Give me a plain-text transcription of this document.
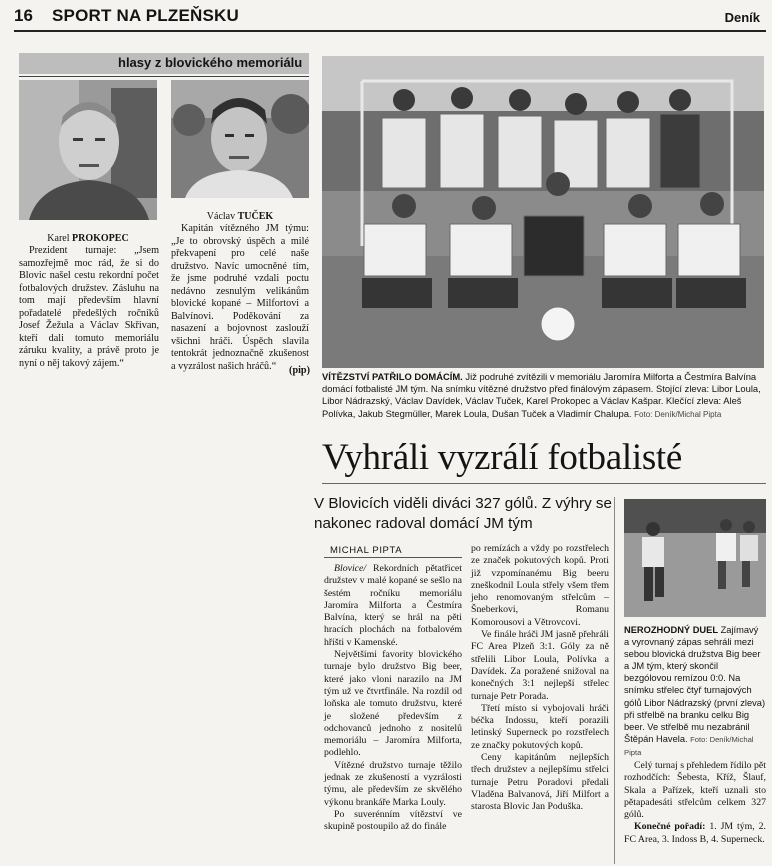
16 SPORT NA PLZEŇSKU	Deník
hlasy z blovického memoriálu
Karel PROKOPEC

Prezident turnaje: „Jsem samozřejmě moc rád, že si do Blovic našel cestu rekordní počet fotbalových družstev. Zásluhu na tom mají především hlavní pořadatelé předešlých ročníků Josef Žežula a Václav Skřivan, kteří dali tomuto memoriálu záruku kvality, a právě proto je nyní o něj takový zájem.“

Václav TUČEK

Kapitán vítězného JM týmu: „Je to obrovský úspěch a milé překvapení pro celé naše družstvo. Navíc umocněné tím, že jsme podruhé vzdali poctu nedávno zesnulým velikánům blovické kopané – Milfortovi a Balvínovi. Poděkování za nasazení a bojovnost zaslouží všichni hráči. Úspěch slavila tentokrát jednoznačně zkušenost a vyzrálost našich hráčů.“	(pip)
VÍTĚZSTVÍ PATŘILO DOMÁCÍM. Již podruhé zvítězili v memoriálu Jaromíra Milforta a Čestmíra Balvína domácí fotbalisté JM tým. Na snímku vítězné družstvo před finálovým zápasem. Stojící zleva: Libor Loula, Libor Nádrazský, Václav Davídek, Václav Tuček, Karel Prokopec a Václav Kašpar. Klečící zleva: Aleš Polívka, Jakub Stegmüller, Marek Loula, Dušan Tuček a Vladimír Chalupa. Foto: Deník/Michal Pipta
Vyhráli vyzrálí fotbalisté
V Blovicích viděli diváci 327 gólů. Z výhry se nakonec radoval domácí JM tým
MICHAL PIPTA

Blovice/ Rekordních pětatřicet družstev v malé kopané se sešlo na šestém ročníku memoriálu Jaromíra Milforta a Čestmíra Balvína, který se hrál na pěti hracích plochách na fotbalovém hřišti v Kamenské.

Největšími favority blovického turnaje bylo družstvo Big beer, které jako vloni narazilo na JM tým už ve čtvrtfinále. Na rozdíl od loňska ale tomuto družstvu, které je složené především z odchovanců jednoho z nositelů memoriálu – Jaromíra Milforta, podlehlo.

Vítězné družstvo turnaje těžilo jednak ze zkušeností a vyzrálosti týmu, ale především ze skvělého výkonu brankáře Marka Louly.

Po suverénním vítězství ve skupině postoupilo až do finále

po remízách a vždy po rozstřelech ze značek pokutových kopů. Proti již vzpomínanému Big beeru zneškodnil Loula střely všem třem jeho renomovaným střelcům – Šneberkovi, Romanu Komorousovi a Větrovcovi.

Ve finále hráči JM jasně přehráli FC Area Plzeň 3:1. Góly za ně střelili Libor Loula, Polívka a Davídek. Za poražené snižoval na konečných 3:1 nejlepší střelec turnaje Petr Porada.

Třetí místo si vybojovali hráči béčka Indossu, kteří porazili letinský Superneck po rozstřelech ze značky pokutových kopů.

Ceny kapitánům nejlepších třech družstev a nejlepšímu střelci turnaje Petru Poradovi předali Vladěna Balvanová, Jiří Milfort a starosta Blovic Jan Poduška.

NEROZHODNÝ DUEL Zajímavý a vyrovnaný zápas sehráli mezi sebou blovická družstva Big beer a JM tým, který skončil bezgólovou remízou 0:0. Na snímku střelec čtyř turnajových gólů Libor Nádrazský (první zleva) při střelbě na branku celku Big beer. Ve střelbě mu nezabránil Štěpán Havela. Foto: Deník/Michal Pipta

Celý turnaj s přehledem řídilo pět rozhodčích: Šebesta, Kříž, Šlauf, Skala a Pařízek, kteří uznali sto pětapadesáti střelcům celkem 327 gólů.

Konečné pořadí: 1. JM tým, 2. FC Area, 3. Indoss B, 4. Superneck.
